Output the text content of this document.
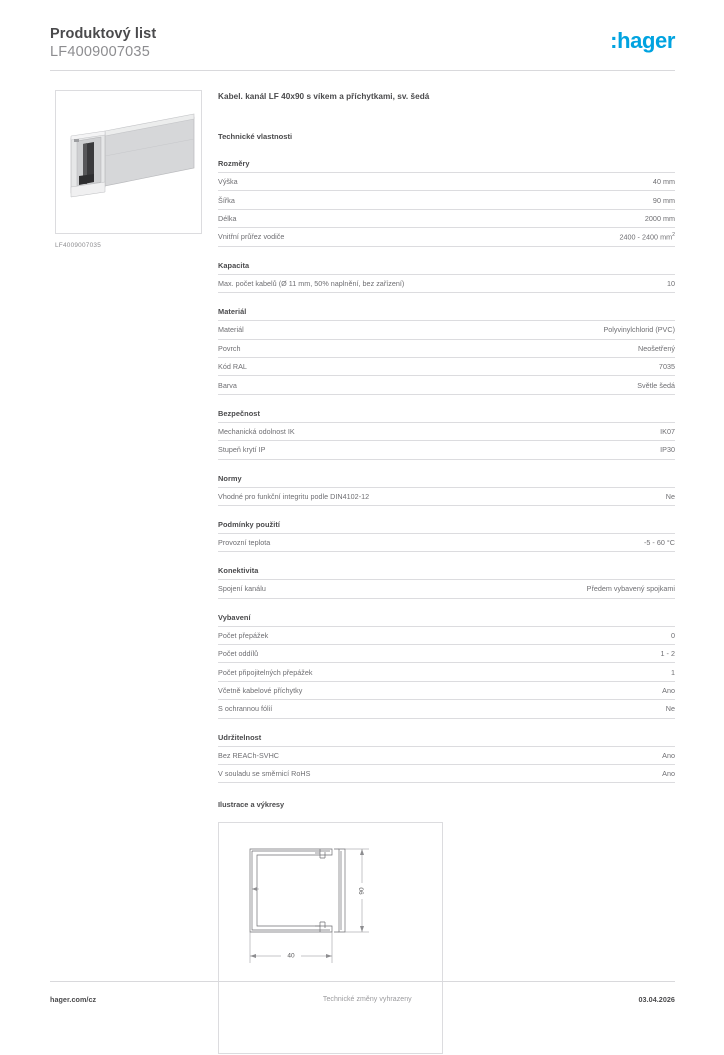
Produktový list
LF4009007035	:hager
LF4009007035
Kabel. kanál LF 40x90 s víkem a příchytkami, sv. šedá
Technické vlastnosti
Rozměry
Výška	40 mm
Šířka	90 mm
Délka	2000 mm
Vnitřní průřez vodiče	2400 - 2400 $mm^2$
Kapacita
Max. počet kabelů (Ø 11 mm, 50% naplnění, bez zařízení)	10
Materiál
Materiál	Polyvinylchlorid (PVC)
Povrch	Neošetřený
Kód RAL	7035
Barva	Světle šedá
Bezpečnost
Mechanická odolnost IK	IK07
Stupeň krytí IP	IP30
Normy
Vhodné pro funkční integritu podle DIN4102-12	Ne
Podmínky použití
Provozní teplota	-5 - 60 °C
Konektivita
Spojení kanálu	Předem vybavený spojkami
Vybavení
Počet přepážek	0
Počet oddílů	1 - 2
Počet připojitelných přepážek	1
Včetně kabelové příchytky	Ano
S ochrannou fólií	Ne
Udržitelnost
Bez REACh-SVHC	Ano
V souladu se směrnicí RoHS	Ano
Ilustrace a výkresy
90
40
hager.com/cz	Technické změny vyhrazeny	03.04.2026
